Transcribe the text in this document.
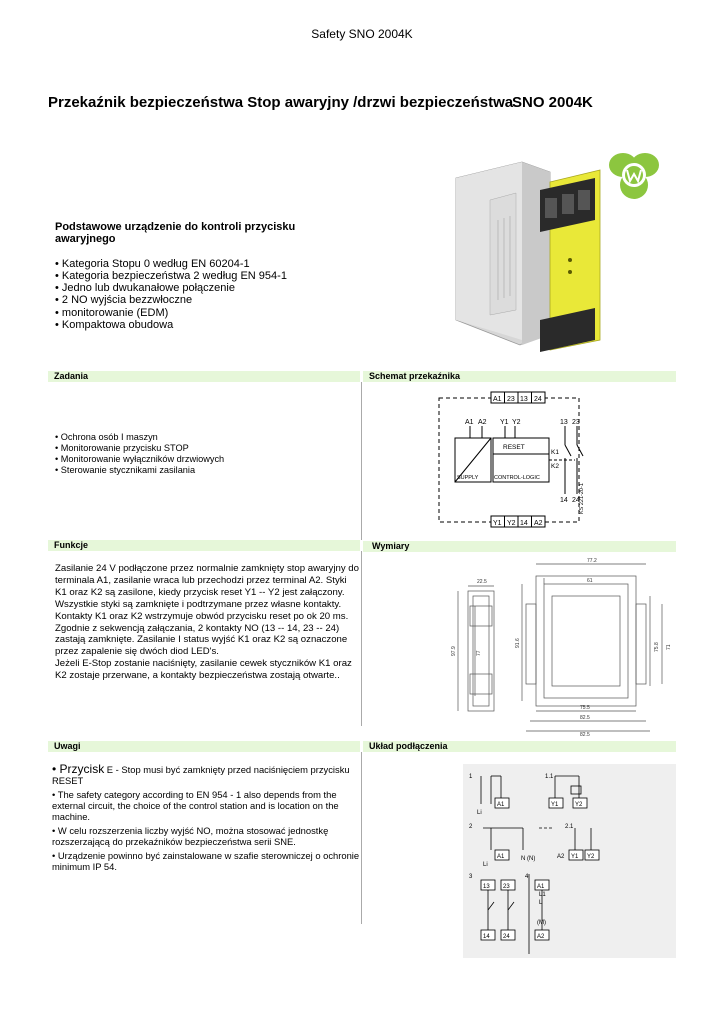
Safety SNO 2004K
Przekaźnik bezpieczeństwa Stop awaryjny /drzwi bezpieczeństwa
SNO 2004K
Podstawowe urządzenie do kontroli przycisku awaryjnego
• Kategoria Stopu 0 według EN 60204-1
• Kategoria bezpieczeństwa 2 według EN 954-1
• Jedno lub dwukanałowe połączenie
• 2 NO wyjścia bezzwłoczne
• monitorowanie (EDM)
• Kompaktowa obudowa
Zadania	Schemat przekaźnika
Funkcje	Wymiary
Uwagi	Układ podłączenia
• Ochrona osób I maszyn
• Monitorowanie przycisku STOP
• Monitorowanie wyłączników drzwiowych
• Sterowanie stycznikami zasilania
A1 23 13 24
Y1 Y2 14 A2
A1 A2 Y1 Y2	13 23
14 24
RESET
SUPPLY	CONTROL-LOGIC
K1
K2
KS 221-20-1
Zasilanie 24 V podłączone przez normalnie zamknięty stop awaryjny do terminala A1, zasilanie wraca lub przechodzi przez terminal A2. Styki K1 oraz K2 są zasilone, kiedy przycisk reset Y1 -- Y2 jest załączony. Wszystkie styki są zamknięte i podtrzymane przez własne kontakty. Kontakty K1 oraz K2 wstrzymuje obwód przycisku reset po ok 20 ms. Zgodnie z sekwencją załączania, 2 kontakty NO (13 -- 14, 23 -- 24) zastają zamknięte. Zasilanie I status wyjść K1 oraz K2 są oznaczone przez zapalenie się dwóch diod LED's.
Jeżeli E-Stop zostanie naciśnięty, zasilanie cewek styczników K1 oraz K2 zostaje przerwane, a kontakty bezpieczeństwa zostają otwarte..
77.2
22.5	61
97.9	77
91.6	75.8 71
75.5
82.5
82.5
• Przycisk E - Stop musi być zamknięty przed naciśnięciem przycisku RESET
• The safety category according to EN 954 - 1 also depends from the external circuit, the choice of the control station and is location on the machine.
• W celu rozszerzenia liczby wyjść NO, można stosować jednostkę rozszerzającą do przekaźników bezpieczeństwa serii SNE.
• Urządzenie powinno być zainstalowane w szafie sterowniczej o ochronie minimum IP 54.
1	1.1
2	2.1
3	4
A1	Y1	Y2
A1	Y1 Y2
13 23
14 24
A1
A2
L
Li
Li
N (N)
L1
(M)
A2
